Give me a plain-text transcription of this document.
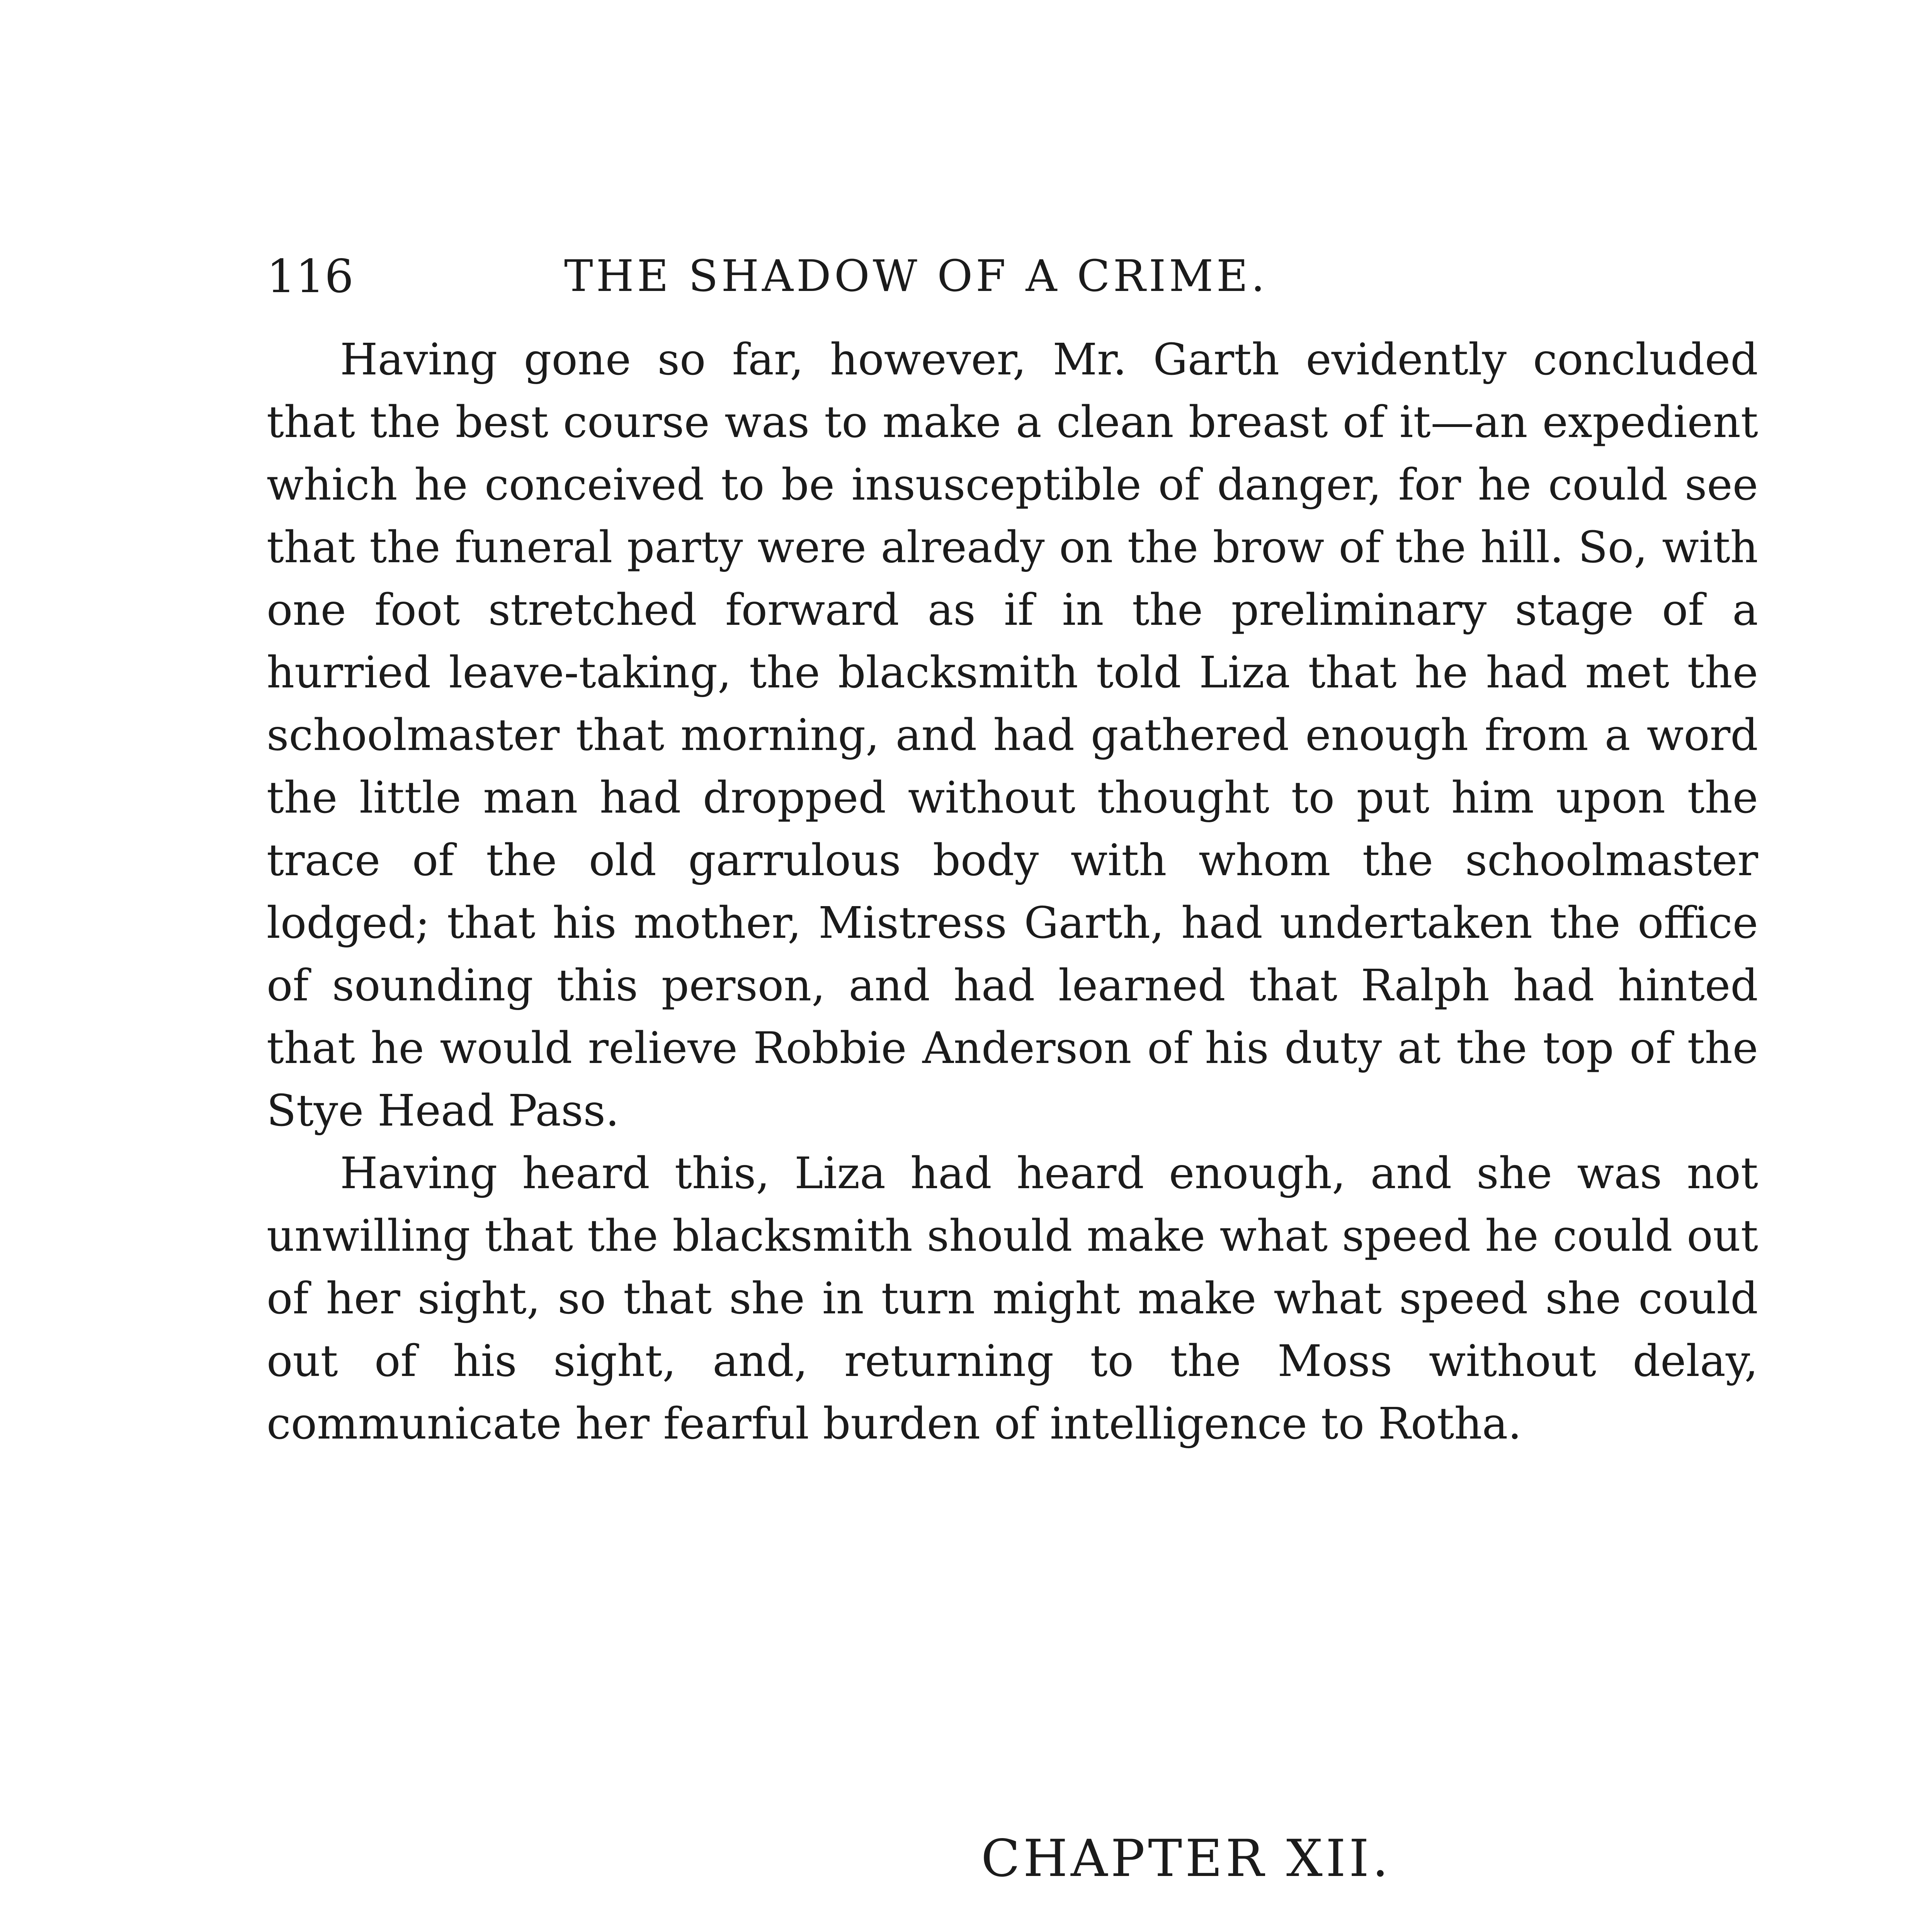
116	THE SHADOW OF A CRIME.

Having gone so far, however, Mr. Garth evidently concluded that the best course was to make a clean breast of it—an expedient which he conceived to be insusceptible of danger, for he could see that the funeral party were already on the brow of the hill. So, with one foot stretched forward as if in the preliminary stage of a hurried leave-taking, the blacksmith told Liza that he had met the schoolmaster that morning, and had gathered enough from a word the little man had dropped without thought to put him upon the trace of the old garrulous body with whom the schoolmaster lodged; that his mother, Mistress Garth, had undertaken the office of sounding this person, and had learned that Ralph had hinted that he would relieve Robbie Anderson of his duty at the top of the Stye Head Pass.

Having heard this, Liza had heard enough, and she was not unwilling that the blacksmith should make what speed he could out of her sight, so that she in turn might make what speed she could out of his sight, and, returning to the Moss without delay, communicate her fearful burden of intelligence to Rotha.

CHAPTER XII.
